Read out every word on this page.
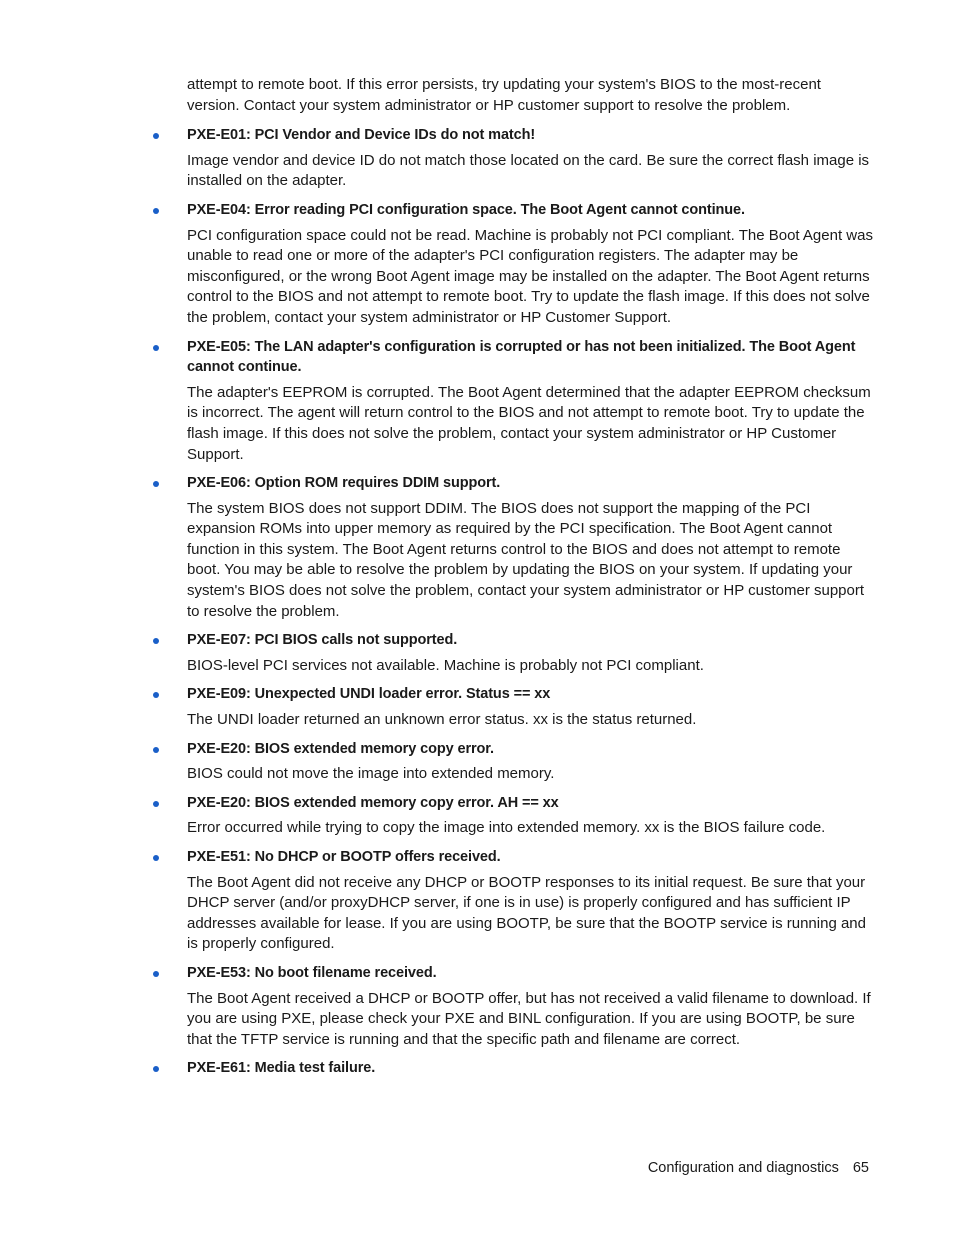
attempt to remote boot. If this error persists, try updating your system's BIOS to the most-recent version. Contact your system administrator or HP customer support to resolve the problem.

PXE-E01: PCI Vendor and Device IDs do not match!

Image vendor and device ID do not match those located on the card. Be sure the correct flash image is installed on the adapter.

PXE-E04: Error reading PCI configuration space. The Boot Agent cannot continue.

PCI configuration space could not be read. Machine is probably not PCI compliant. The Boot Agent was unable to read one or more of the adapter's PCI configuration registers. The adapter may be misconfigured, or the wrong Boot Agent image may be installed on the adapter. The Boot Agent returns control to the BIOS and not attempt to remote boot. Try to update the flash image. If this does not solve the problem, contact your system administrator or HP Customer Support.

PXE-E05: The LAN adapter's configuration is corrupted or has not been initialized. The Boot Agent cannot continue.

The adapter's EEPROM is corrupted. The Boot Agent determined that the adapter EEPROM checksum is incorrect. The agent will return control to the BIOS and not attempt to remote boot. Try to update the flash image. If this does not solve the problem, contact your system administrator or HP Customer Support.

PXE-E06: Option ROM requires DDIM support.

The system BIOS does not support DDIM. The BIOS does not support the mapping of the PCI expansion ROMs into upper memory as required by the PCI specification. The Boot Agent cannot function in this system. The Boot Agent returns control to the BIOS and does not attempt to remote boot. You may be able to resolve the problem by updating the BIOS on your system. If updating your system's BIOS does not solve the problem, contact your system administrator or HP customer support to resolve the problem.

PXE-E07: PCI BIOS calls not supported.

BIOS-level PCI services not available. Machine is probably not PCI compliant.

PXE-E09: Unexpected UNDI loader error. Status == xx

The UNDI loader returned an unknown error status. xx is the status returned.

PXE-E20: BIOS extended memory copy error.

BIOS could not move the image into extended memory.

PXE-E20: BIOS extended memory copy error. AH == xx

Error occurred while trying to copy the image into extended memory. xx is the BIOS failure code.

PXE-E51: No DHCP or BOOTP offers received.

The Boot Agent did not receive any DHCP or BOOTP responses to its initial request. Be sure that your DHCP server (and/or proxyDHCP server, if one is in use) is properly configured and has sufficient IP addresses available for lease. If you are using BOOTP, be sure that the BOOTP service is running and is properly configured.

PXE-E53: No boot filename received.

The Boot Agent received a DHCP or BOOTP offer, but has not received a valid filename to download. If you are using PXE, please check your PXE and BINL configuration. If you are using BOOTP, be sure that the TFTP service is running and that the specific path and filename are correct.

PXE-E61: Media test failure.
Configuration and diagnostics 65
